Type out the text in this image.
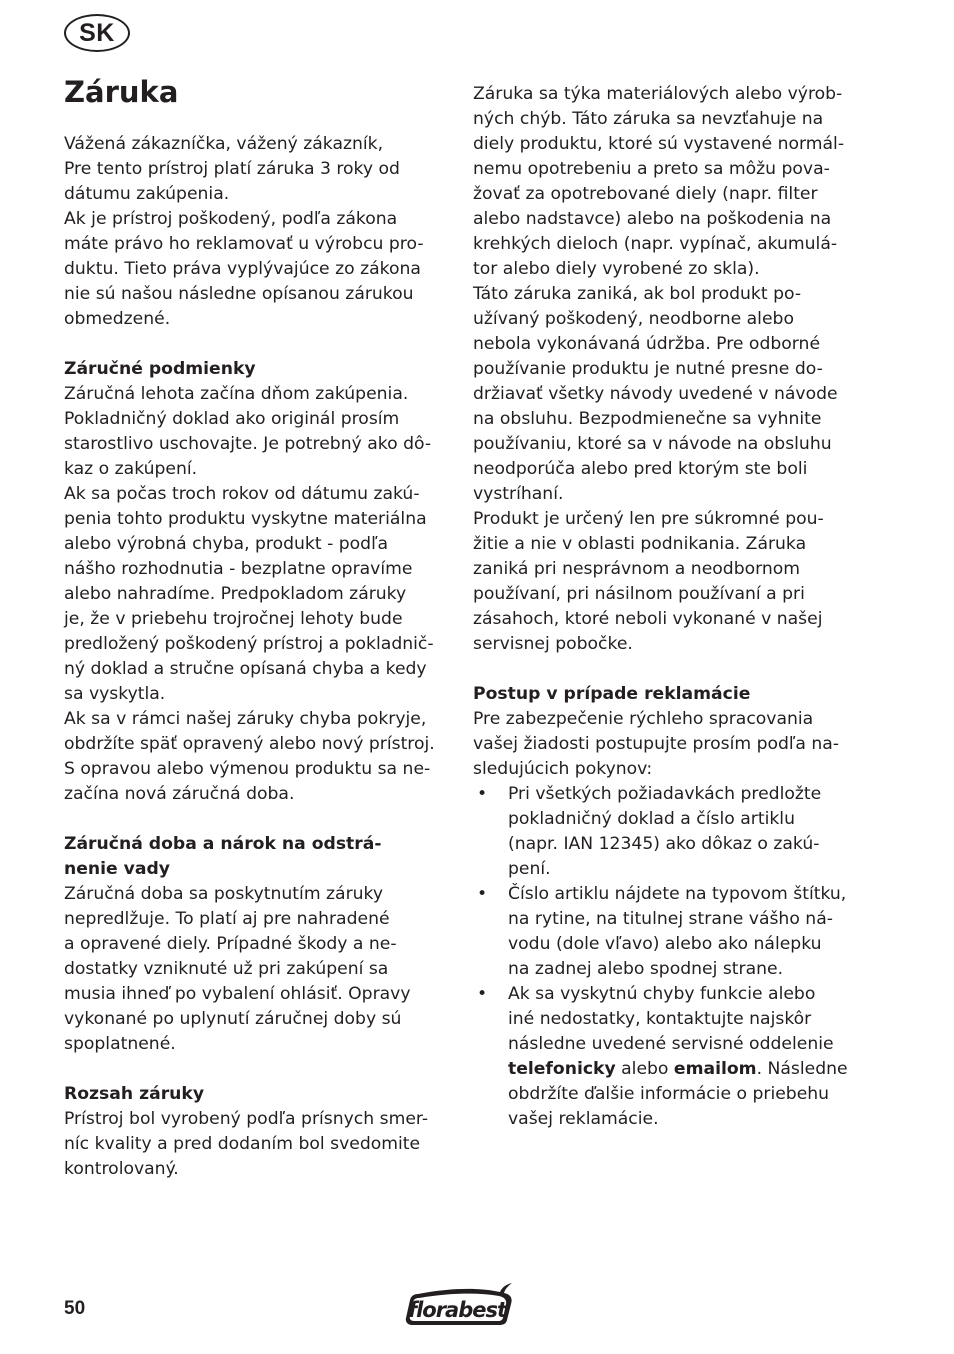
SK
Záruka

Vážená zákazníčka, vážený zákazník,
Pre tento prístroj platí záruka 3 roky od
dátumu zakúpenia.
Ak je prístroj poškodený, podľa zákona
máte právo ho reklamovať u výrobcu pro-
duktu. Tieto práva vyplývajúce zo zákona
nie sú našou následne opísanou zárukou
obmedzené.

Záručné podmienky

Záručná lehota začína dňom zakúpenia.
Pokladničný doklad ako originál prosím
starostlivo uschovajte. Je potrebný ako dô-
kaz o zakúpení.
Ak sa počas troch rokov od dátumu zakú-
penia tohto produktu vyskytne materiálna
alebo výrobná chyba, produkt - podľa
nášho rozhodnutia - bezplatne opravíme
alebo nahradíme. Predpokladom záruky
je, že v priebehu trojročnej lehoty bude
predložený poškodený prístroj a pokladnič-
ný doklad a stručne opísaná chyba a kedy
sa vyskytla.
Ak sa v rámci našej záruky chyba pokryje,
obdržíte späť opravený alebo nový prístroj.
S opravou alebo výmenou produktu sa ne-
začína nová záručná doba.

Záručná doba a nárok na odstrá-
nenie vady

Záručná doba sa poskytnutím záruky
nepredlžuje. To platí aj pre nahradené
a opravené diely. Prípadné škody a ne-
dostatky vzniknuté už pri zakúpení sa
musia ihneď po vybalení ohlásiť. Opravy
vykonané po uplynutí záručnej doby sú
spoplatnené.

Rozsah záruky

Prístroj bol vyrobený podľa prísnych smer-
níc kvality a pred dodaním bol svedomite
kontrolovaný.

Záruka sa týka materiálových alebo výrob-
ných chýb. Táto záruka sa nevzťahuje na
diely produktu, ktoré sú vystavené normál-
nemu opotrebeniu a preto sa môžu pova-
žovať za opotrebované diely (napr. filter
alebo nadstavce) alebo na poškodenia na
krehkých dieloch (napr. vypínač, akumulá-
tor alebo diely vyrobené zo skla).
Táto záruka zaniká, ak bol produkt po-
užívaný poškodený, neodborne alebo
nebola vykonávaná údržba. Pre odborné
používanie produktu je nutné presne do-
držiavať všetky návody uvedené v návode
na obsluhu. Bezpodmienečne sa vyhnite
používaniu, ktoré sa v návode na obsluhu
neodporúča alebo pred ktorým ste boli
vystríhaní.
Produkt je určený len pre súkromné pou-
žitie a nie v oblasti podnikania. Záruka
zaniká pri nesprávnom a neodbornom
používaní, pri násilnom používaní a pri
zásahoch, ktoré neboli vykonané v našej
servisnej pobočke.

Postup v prípade reklamácie

Pre zabezpečenie rýchleho spracovania
vašej žiadosti postupujte prosím podľa na-
sledujúcich pokynov:

• Pri všetkých požiadavkách predložte
pokladničný doklad a číslo artiklu
(napr. IAN 12345) ako dôkaz o zakú-
pení.
• Číslo artiklu nájdete na typovom štítku,
na rytine, na titulnej strane vášho ná-
vodu (dole vľavo) alebo ako nálepku
na zadnej alebo spodnej strane.
• Ak sa vyskytnú chyby funkcie alebo
iné nedostatky, kontaktujte najskôr
následne uvedené servisné oddelenie
telefonicky alebo emailom. Následne
obdržíte ďalšie informácie o priebehu
vašej reklamácie.
50	florabest
